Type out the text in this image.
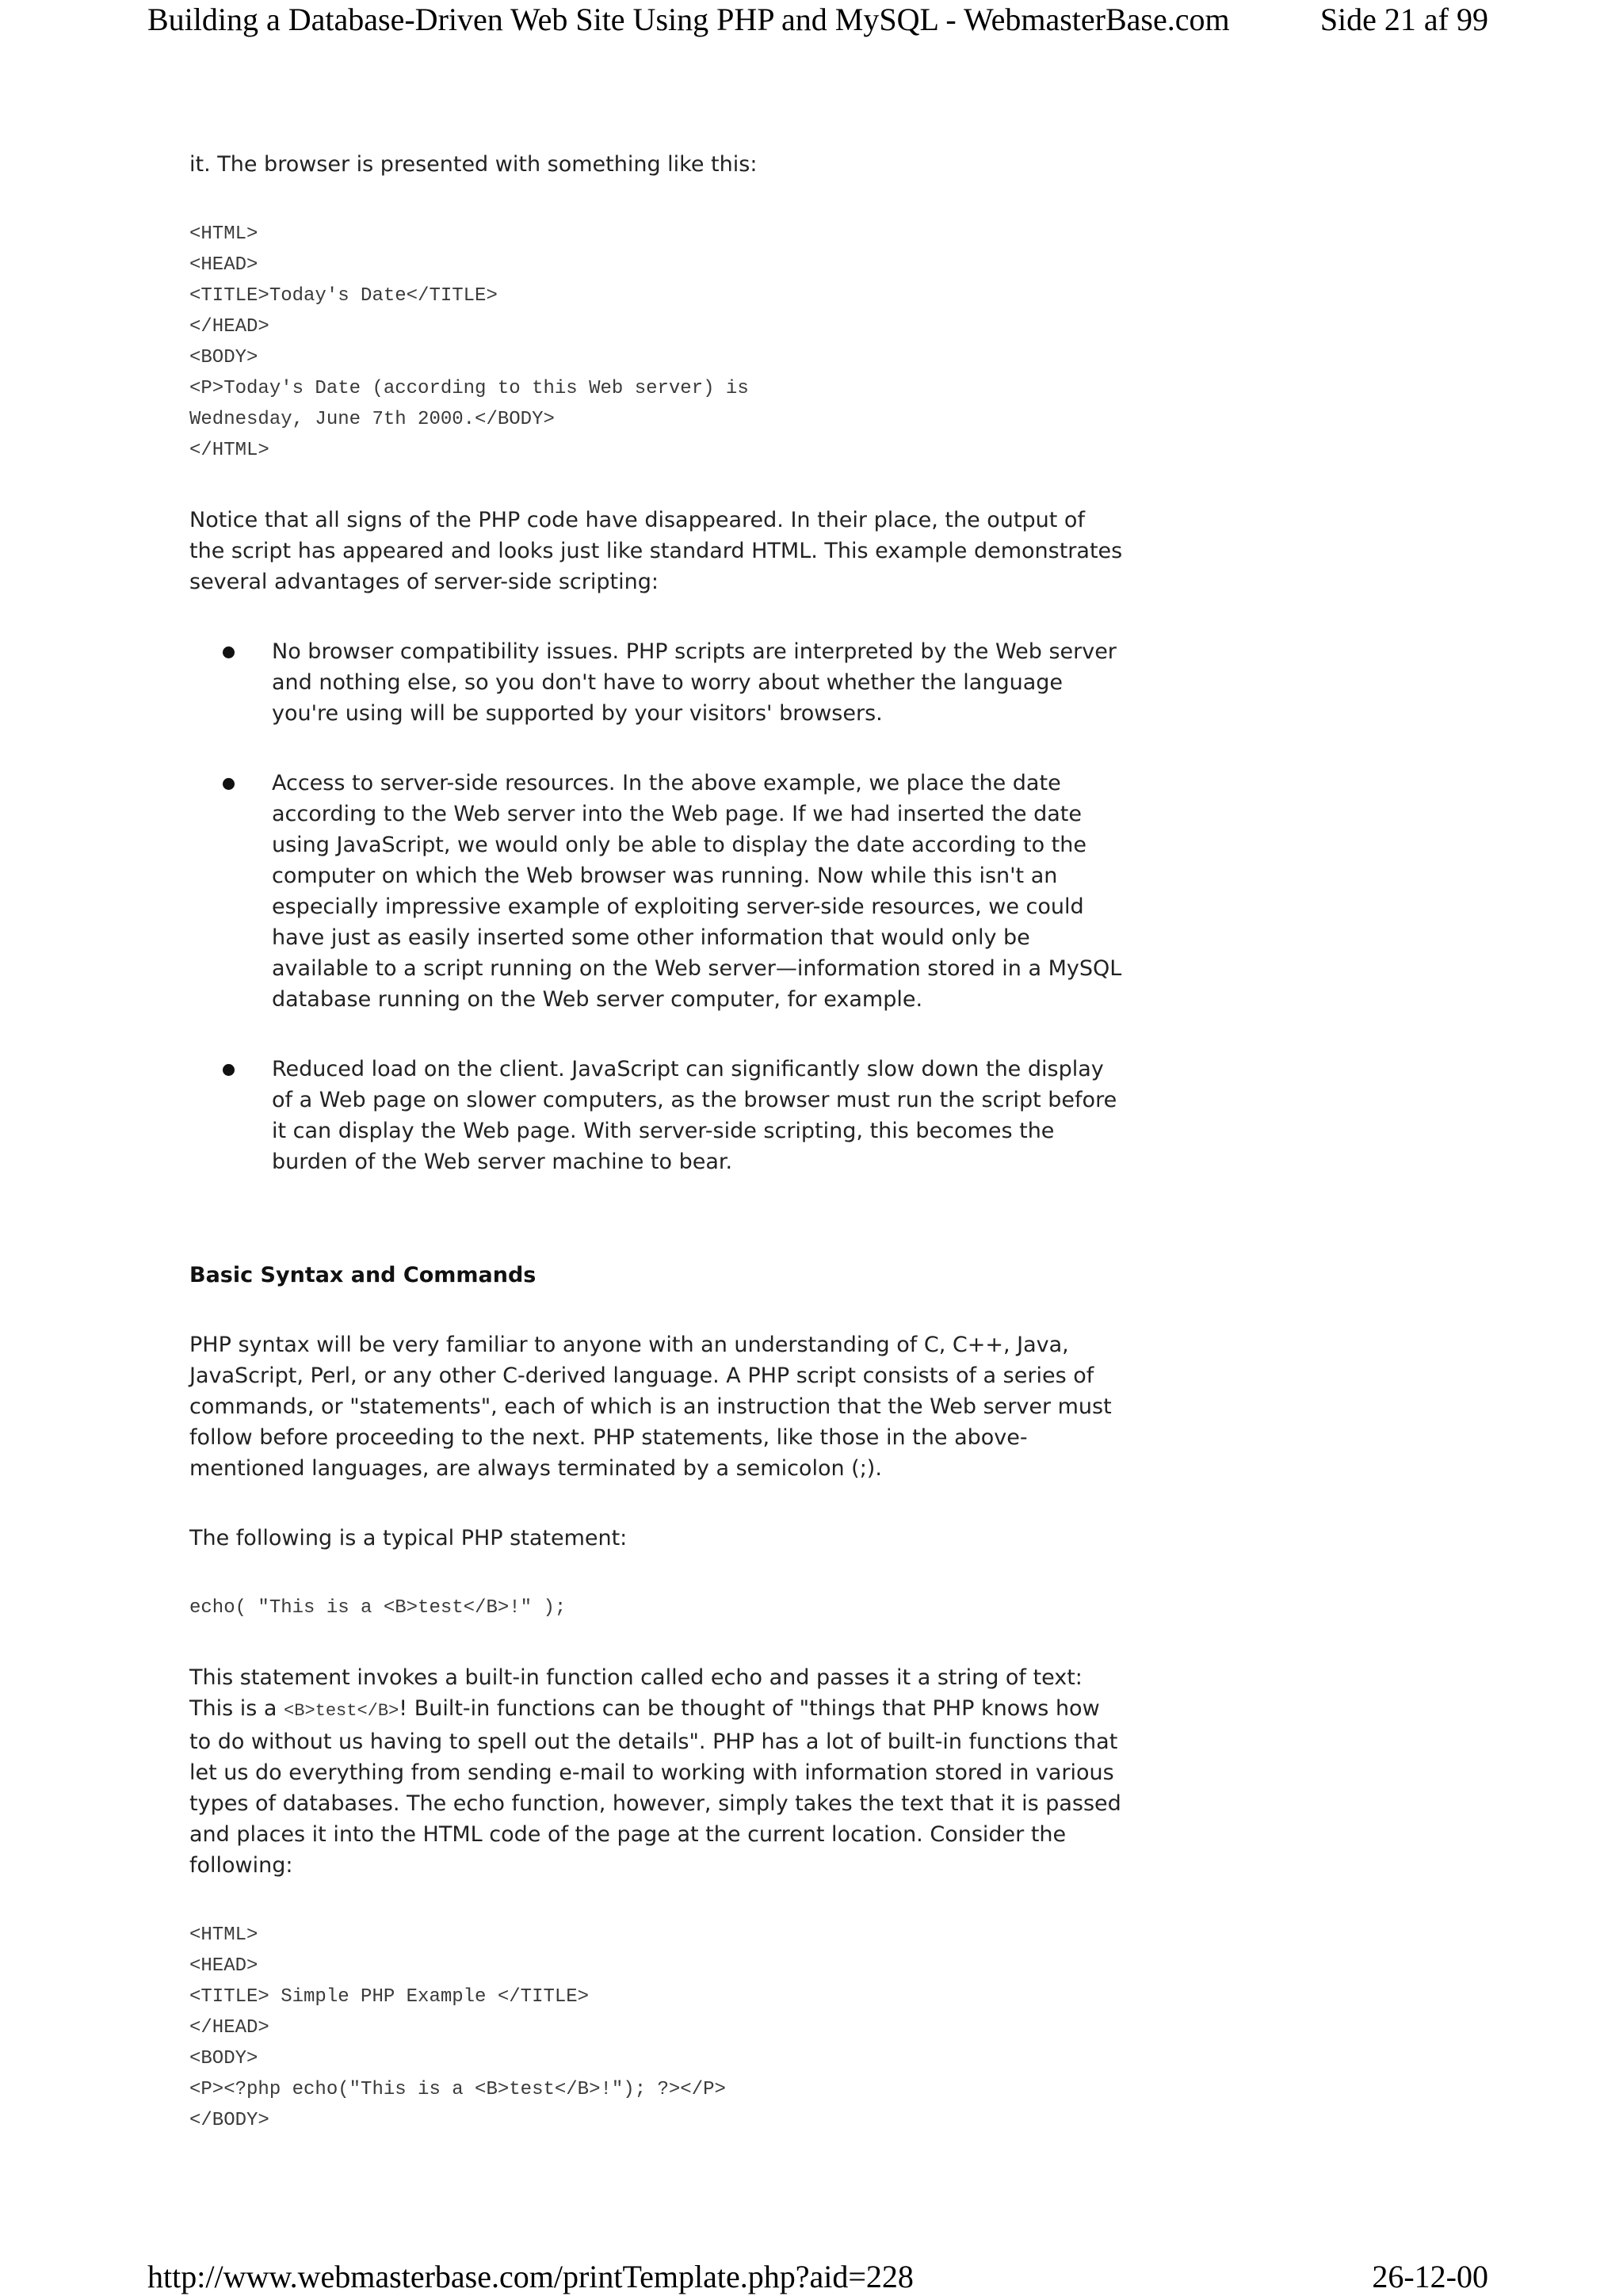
Building a Database-Driven Web Site Using PHP and MySQL - WebmasterBase.com	Side 21 af 99

it. The browser is presented with something like this:

<HTML>
<HEAD>
<TITLE>Today's Date</TITLE>
</HEAD>
<BODY>
<P>Today's Date (according to this Web server) is
Wednesday, June 7th 2000.</BODY>
</HTML>

Notice that all signs of the PHP code have disappeared. In their place, the output of the script has appeared and looks just like standard HTML. This example demonstrates several advantages of server-side scripting:

No browser compatibility issues. PHP scripts are interpreted by the Web server and nothing else, so you don't have to worry about whether the language you're using will be supported by your visitors' browsers.
Access to server-side resources. In the above example, we place the date according to the Web server into the Web page. If we had inserted the date using JavaScript, we would only be able to display the date according to the computer on which the Web browser was running. Now while this isn't an especially impressive example of exploiting server-side resources, we could have just as easily inserted some other information that would only be available to a script running on the Web server—information stored in a MySQL database running on the Web server computer, for example.
Reduced load on the client. JavaScript can significantly slow down the display of a Web page on slower computers, as the browser must run the script before it can display the Web page. With server-side scripting, this becomes the burden of the Web server machine to bear.
Basic Syntax and Commands

PHP syntax will be very familiar to anyone with an understanding of C, C++, Java, JavaScript, Perl, or any other C-derived language. A PHP script consists of a series of commands, or "statements", each of which is an instruction that the Web server must follow before proceeding to the next. PHP statements, like those in the above-mentioned languages, are always terminated by a semicolon (;).

The following is a typical PHP statement:

echo( "This is a <B>test</B>!" );

This statement invokes a built-in function called echo and passes it a string of text: This is a <B>test</B>! Built-in functions can be thought of "things that PHP knows how to do without us having to spell out the details". PHP has a lot of built-in functions that let us do everything from sending e-mail to working with information stored in various types of databases. The echo function, however, simply takes the text that it is passed and places it into the HTML code of the page at the current location. Consider the following:

<HTML>
<HEAD>
<TITLE> Simple PHP Example </TITLE>
</HEAD>
<BODY>
<P><?php echo("This is a <B>test</B>!"); ?></P>
</BODY>
http://www.webmasterbase.com/printTemplate.php?aid=228	26-12-00
